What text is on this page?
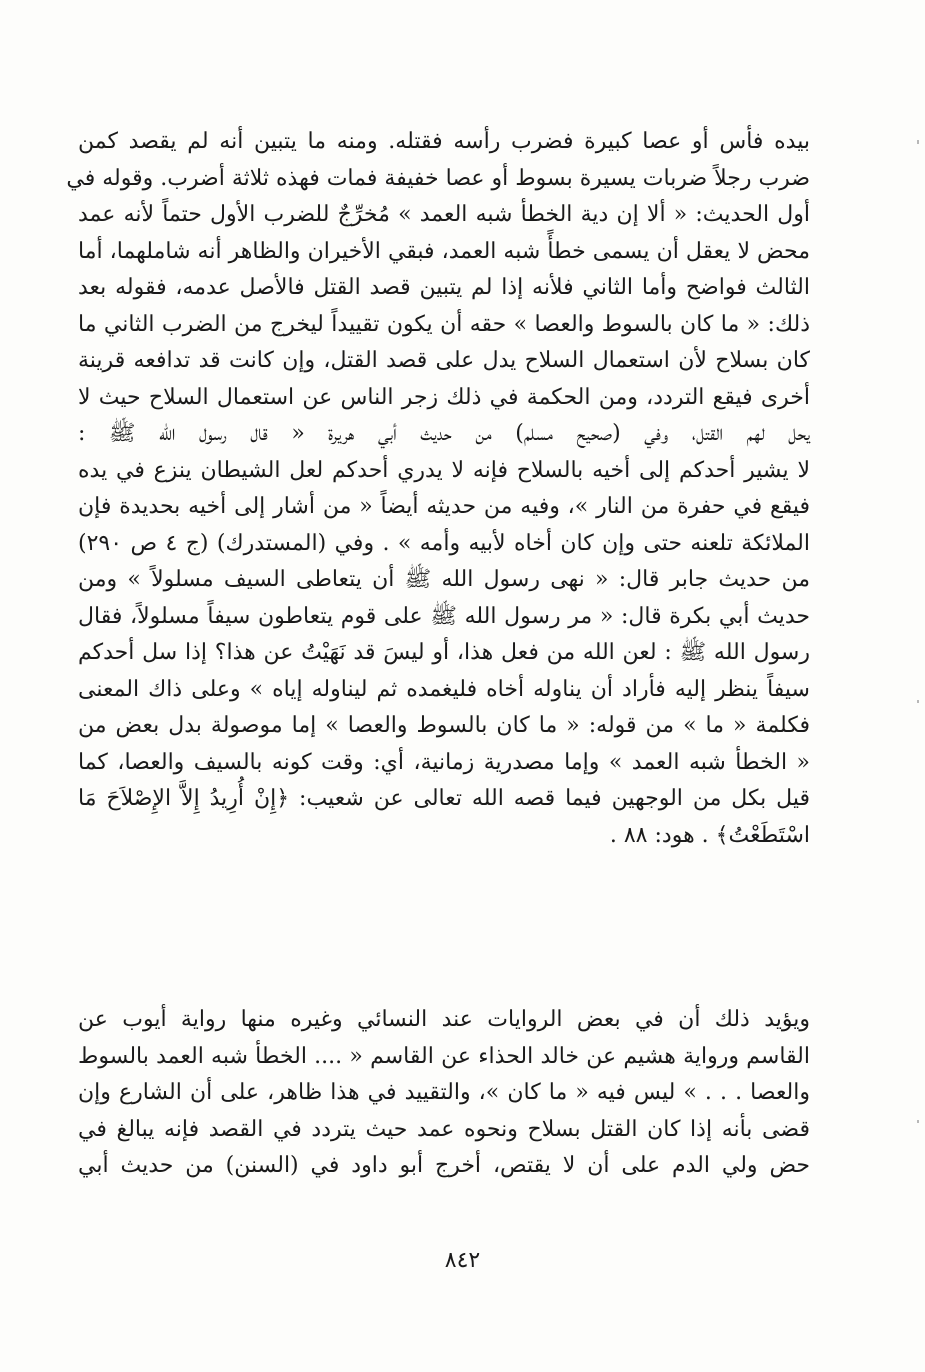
بيده فأس أو عصا كبيرة فضرب رأسه فقتله. ومنه ما يتبين أنه لم يقصد كمن
ضرب رجلاً ضربات يسيرة بسوط أو عصا خفيفة فمات فهذه ثلاثة أضرب. وقوله في
أول الحديث: « ألا إن دية الخطأ شبه العمد » مُخرِّجٌ للضرب الأول حتماً لأنه عمد
محض لا يعقل أن يسمى خطأً شبه العمد، فبقي الأخيران والظاهر أنه شاملهما، أما
الثالث فواضح وأما الثاني فلأنه إذا لم يتبين قصد القتل فالأصل عدمه، فقوله بعد
ذلك: « ما كان بالسوط والعصا » حقه أن يكون تقييداً ليخرج من الضرب الثاني ما
كان بسلاح لأن استعمال السلاح يدل على قصد القتل، وإن كانت قد تدافعه قرينة
أخرى فيقع التردد، ومن الحكمة في ذلك زجر الناس عن استعمال السلاح حيث لا
يحل لهم القتل، وفي (صحيح مسلم) من حديث أبي هريرة « قال رسول الله ﷺ :
لا يشير أحدكم إلى أخيه بالسلاح فإنه لا يدري أحدكم لعل الشيطان ينزع في يده
فيقع في حفرة من النار »، وفيه من حديثه أيضاً « من أشار إلى أخيه بحديدة فإن
الملائكة تلعنه حتى وإن كان أخاه لأبيه وأمه » . وفي (المستدرك) (ج ٤ ص ٢٩٠)
من حديث جابر قال: « نهى رسول الله ﷺ أن يتعاطى السيف مسلولاً » ومن
حديث أبي بكرة قال: « مر رسول الله ﷺ على قوم يتعاطون سيفاً مسلولاً، فقال
رسول الله ﷺ : لعن الله من فعل هذا، أو ليسَ قد نَهَيْتُ عن هذا؟ إذا سل أحدكم
سيفاً ينظر إليه فأراد أن يناوله أخاه فليغمده ثم ليناوله إياه » وعلى ذاك المعنى
فكلمة « ما » من قوله: « ما كان بالسوط والعصا » إما موصولة بدل بعض من
« الخطأ شبه العمد » وإما مصدرية زمانية، أي: وقت كونه بالسيف والعصا، كما
قيل بكل من الوجهين فيما قصه الله تعالى عن شعيب: ﴿إِنْ أُرِيدُ إِلاَّ الإِصْلاَحَ مَا
اسْتَطَعْتُ﴾ . هود: ٨٨ .
ويؤيد ذلك أن في بعض الروايات عند النسائي وغيره منها رواية أيوب عن
القاسم ورواية هشيم عن خالد الحذاء عن القاسم « .... الخطأ شبه العمد بالسوط
والعصا . . . » ليس فيه « ما كان »، والتقييد في هذا ظاهر، على أن الشارع وإن
قضى بأنه إذا كان القتل بسلاح ونحوه عمد حيث يتردد في القصد فإنه يبالغ في
حض ولي الدم على أن لا يقتص، أخرج أبو داود في (السنن) من حديث أبي
٨٤٢
